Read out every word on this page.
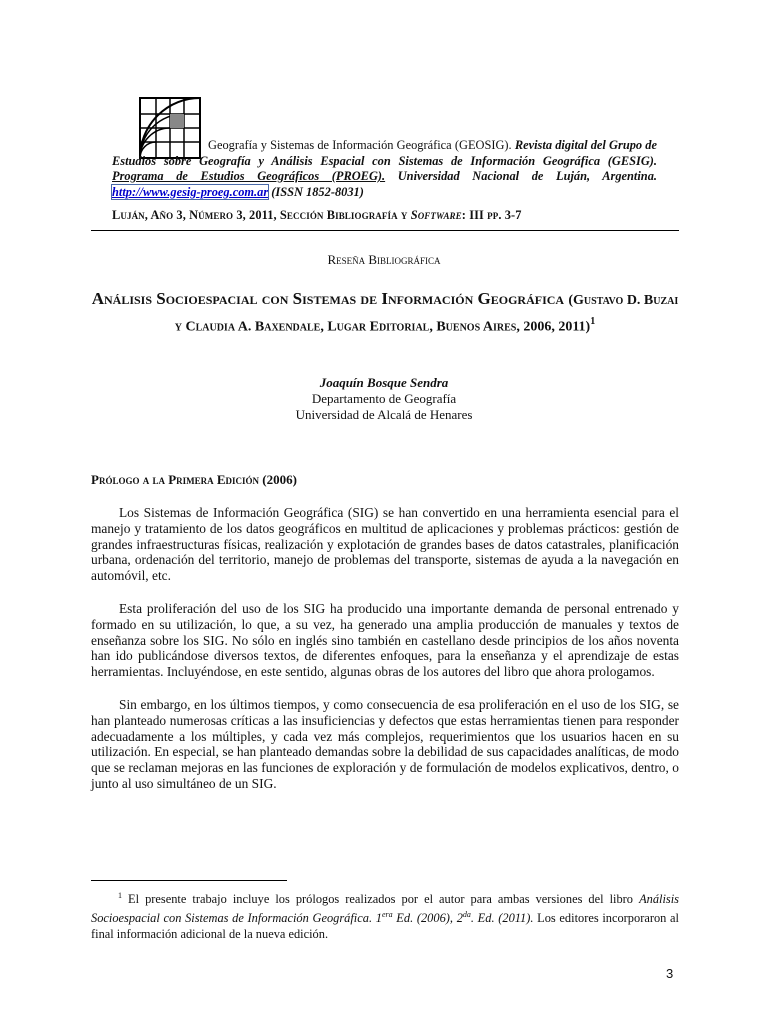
Geografía y Sistemas de Información Geográfica (GEOSIG). Revista digital del Grupo de Estudios sobre Geografía y Análisis Espacial con Sistemas de Información Geográfica (GESIG). Programa de Estudios Geográficos (PROEG). Universidad Nacional de Luján, Argentina. http://www.gesig-proeg.com.ar (ISSN 1852-8031)
Luján, Año 3, Número 3, 2011, Sección Bibliografía y Software: III pp. 3-7
Reseña Bibliográfica
Análisis Socioespacial con Sistemas de Información Geográfica (Gustavo D. Buzai y Claudia A. Baxendale, Lugar Editorial, Buenos Aires, 2006, 2011)$^1$
Joaquín Bosque Sendra
Departamento de Geografía
Universidad de Alcalá de Henares
Prólogo a la Primera Edición (2006)

Los Sistemas de Información Geográfica (SIG) se han convertido en una herramienta esencial para el manejo y tratamiento de los datos geográficos en multitud de aplicaciones y problemas prácticos: gestión de grandes infraestructuras físicas, realización y explotación de grandes bases de datos catastrales, planificación urbana, ordenación del territorio, manejo de problemas del transporte, sistemas de ayuda a la navegación en automóvil, etc.

Esta proliferación del uso de los SIG ha producido una importante demanda de personal entrenado y formado en su utilización, lo que, a su vez, ha generado una amplia producción de manuales y textos de enseñanza sobre los SIG. No sólo en inglés sino también en castellano desde principios de los años noventa han ido publicándose diversos textos, de diferentes enfoques, para la enseñanza y el aprendizaje de estas herramientas. Incluyéndose, en este sentido, algunas obras de los autores del libro que ahora prologamos.

Sin embargo, en los últimos tiempos, y como consecuencia de esa proliferación en el uso de los SIG, se han planteado numerosas críticas a las insuficiencias y defectos que estas herramientas tienen para responder adecuadamente a los múltiples, y cada vez más complejos, requerimientos que los usuarios hacen en su utilización. En especial, se han planteado demandas sobre la debilidad de sus capacidades analíticas, de modo que se reclaman mejoras en las funciones de exploración y de formulación de modelos explicativos, dentro, o junto al uso simultáneo de un SIG.

$^1$ El presente trabajo incluye los prólogos realizados por el autor para ambas versiones del libro Análisis Socioespacial con Sistemas de Información Geográfica. $1^{era}$ Ed. (2006), $2^{da}$. Ed. (2011). Los editores incorporaron al final información adicional de la nueva edición.
3
